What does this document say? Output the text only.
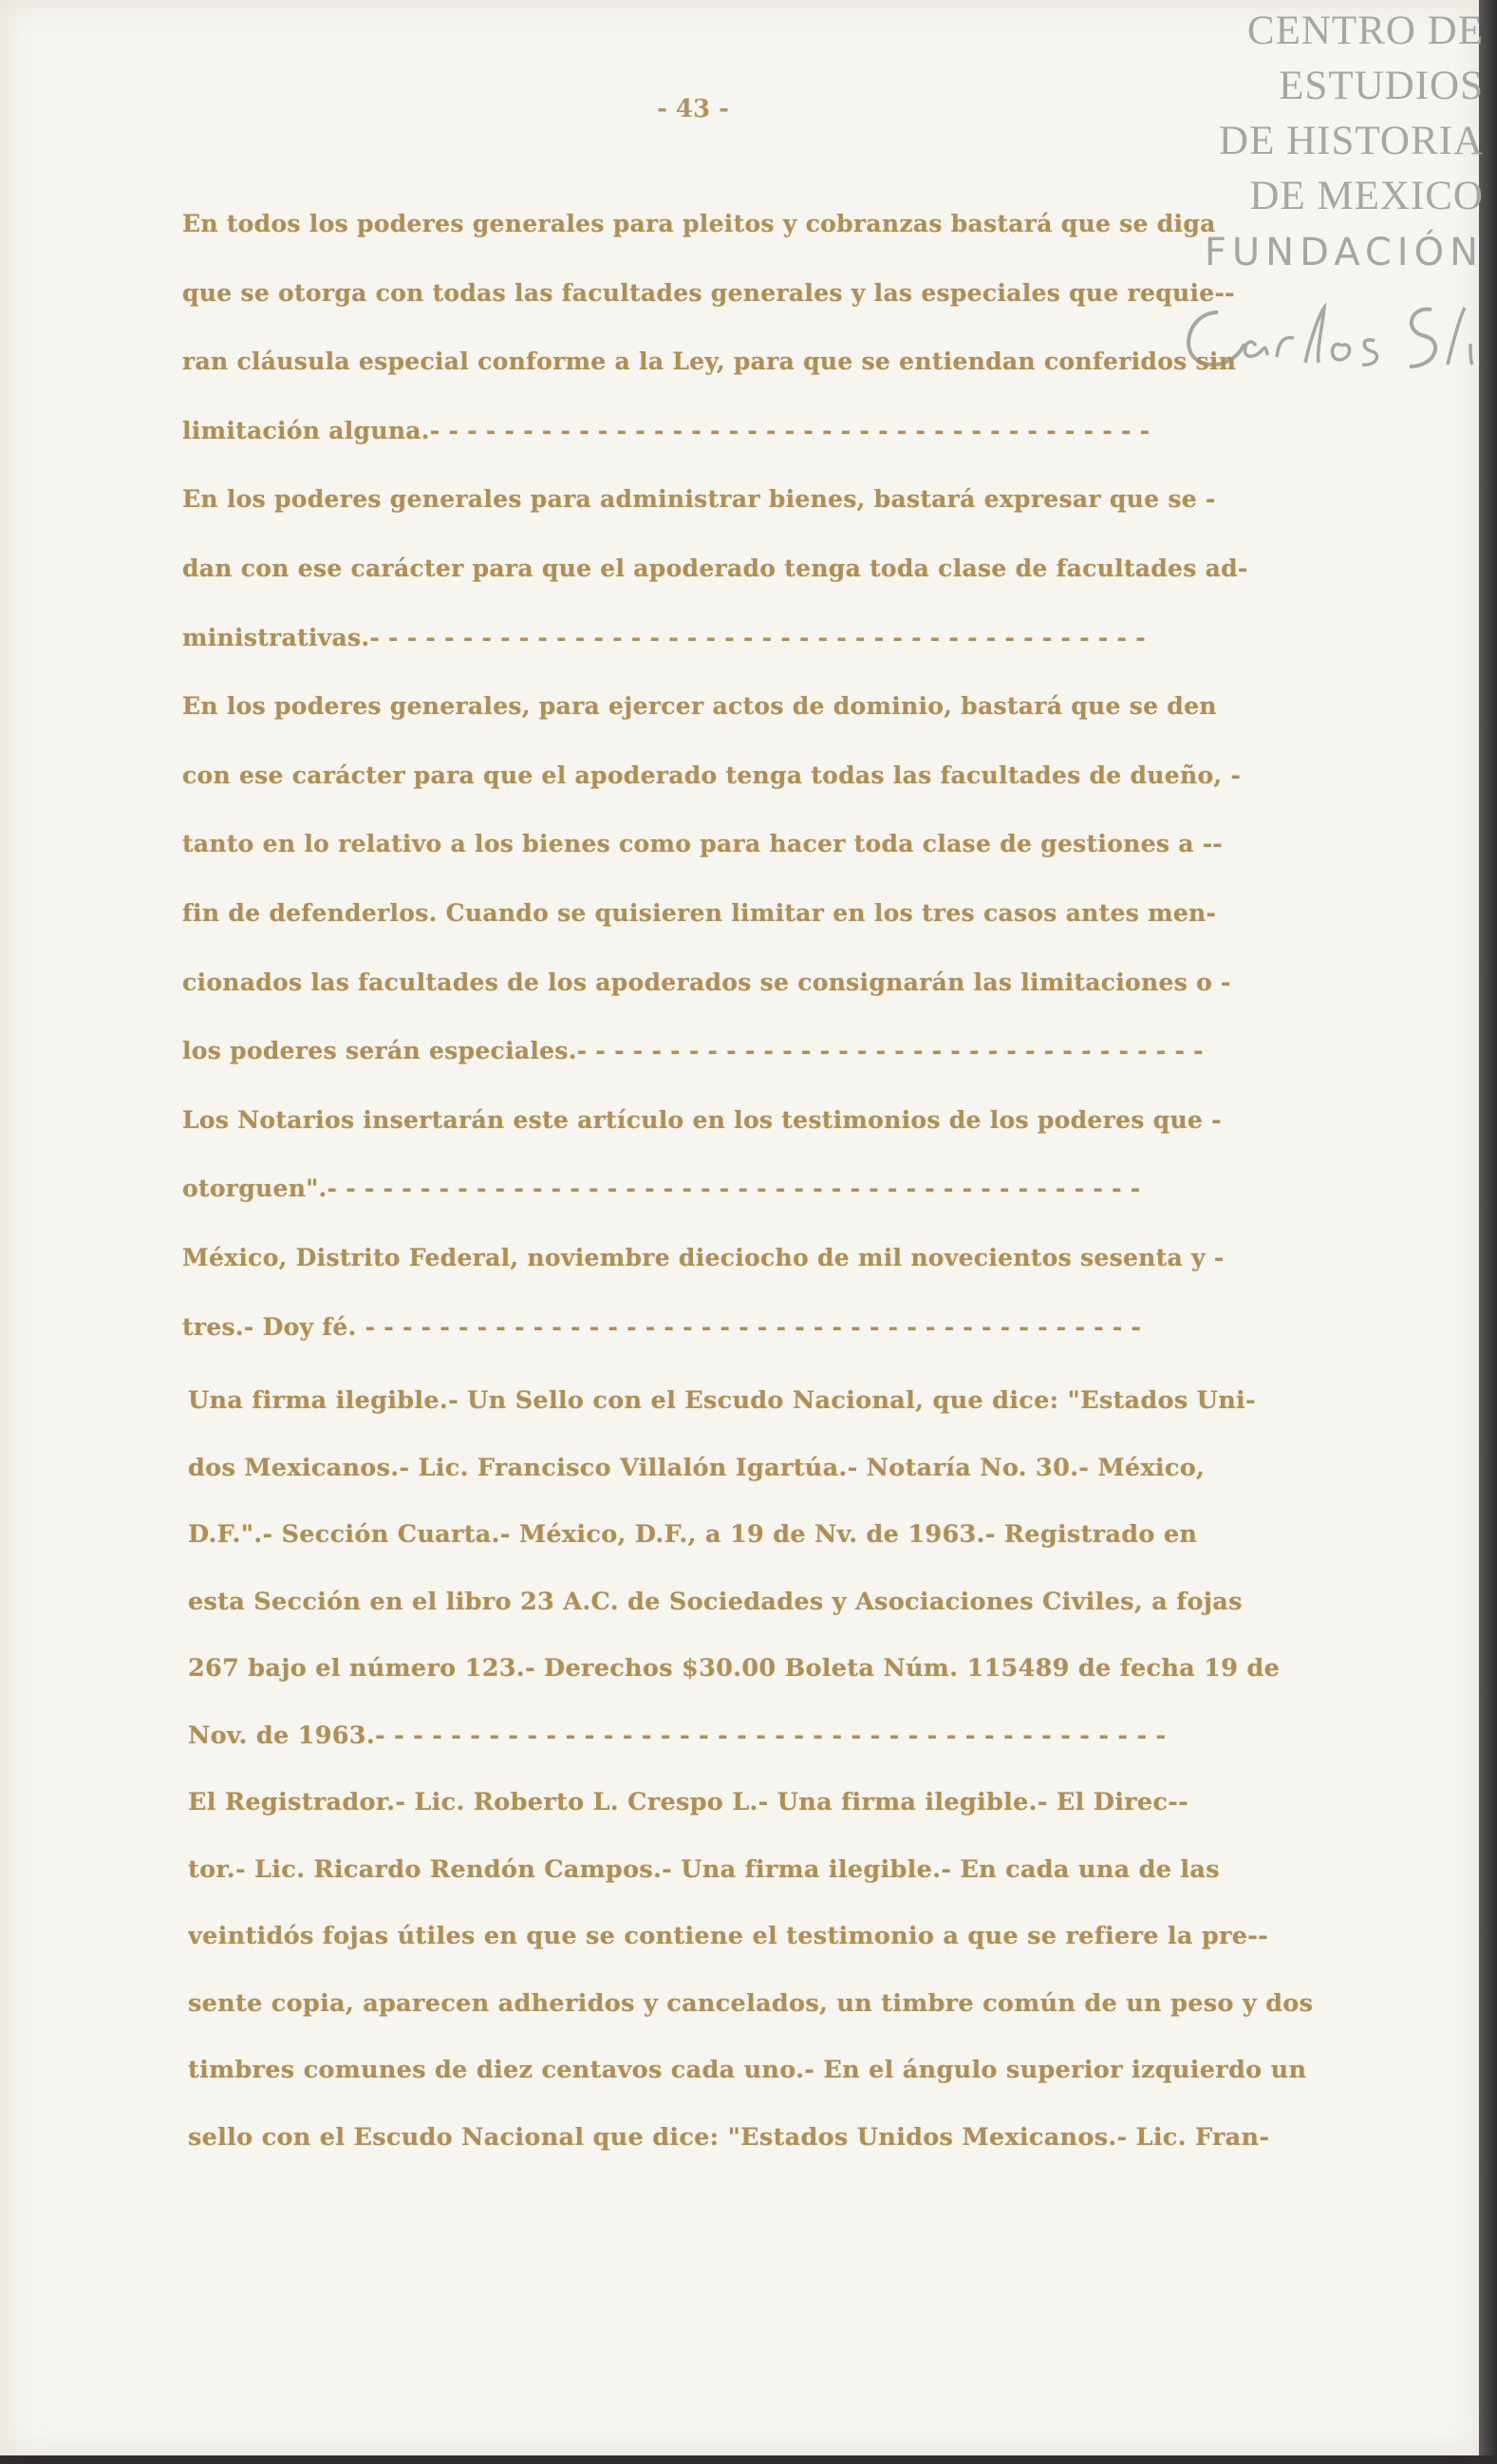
CENTRO DE
ESTUDIOS
DE HISTORIA
DE MEXICO
FUNDACIÓN
- 43 -
En todos los poderes generales para pleitos y cobranzas bastará que se diga
que se otorga con todas las facultades generales y las especiales que requie--
ran cláusula especial conforme a la Ley, para que se entiendan conferidos sin
limitación alguna.- - - - - - - - - - - - - - - - - - - - - - - - - - - - - - - - - - - - - - -
En los poderes generales para administrar bienes, bastará expresar que se -
dan con ese carácter para que el apoderado tenga toda clase de facultades ad-
ministrativas.- - - - - - - - - - - - - - - - - - - - - - - - - - - - - - - - - - - - - - - - - -
En los poderes generales, para ejercer actos de dominio, bastará que se den
con ese carácter para que el apoderado tenga todas las facultades de dueño, -
tanto en lo relativo a los bienes como para hacer toda clase de gestiones a --
fin de defenderlos. Cuando se quisieren limitar en los tres casos antes men-
cionados las facultades de los apoderados se consignarán las limitaciones o -
los poderes serán especiales.- - - - - - - - - - - - - - - - - - - - - - - - - - - - - - - - - -
Los Notarios insertarán este artículo en los testimonios de los poderes que -
otorguen".- - - - - - - - - - - - - - - - - - - - - - - - - - - - - - - - - - - - - - - - - - - -
México, Distrito Federal, noviembre dieciocho de mil novecientos sesenta y -
tres.- Doy fé. - - - - - - - - - - - - - - - - - - - - - - - - - - - - - - - - - - - - - - - - - -
Una firma ilegible.- Un Sello con el Escudo Nacional, que dice: "Estados Uni-
dos Mexicanos.- Lic. Francisco Villalón Igartúa.- Notaría No. 30.- México,
D.F.".- Sección Cuarta.- México, D.F., a 19 de Nv. de 1963.- Registrado en
esta Sección en el libro 23 A.C. de Sociedades y Asociaciones Civiles, a fojas
267 bajo el número 123.- Derechos $30.00 Boleta Núm. 115489 de fecha 19 de
Nov. de 1963.- - - - - - - - - - - - - - - - - - - - - - - - - - - - - - - - - - - - - - - - - -
El Registrador.- Lic. Roberto L. Crespo L.- Una firma ilegible.- El Direc--
tor.- Lic. Ricardo Rendón Campos.- Una firma ilegible.- En cada una de las
veintidós fojas útiles en que se contiene el testimonio a que se refiere la pre--
sente copia, aparecen adheridos y cancelados, un timbre común de un peso y dos
timbres comunes de diez centavos cada uno.- En el ángulo superior izquierdo un
sello con el Escudo Nacional que dice: "Estados Unidos Mexicanos.- Lic. Fran-
